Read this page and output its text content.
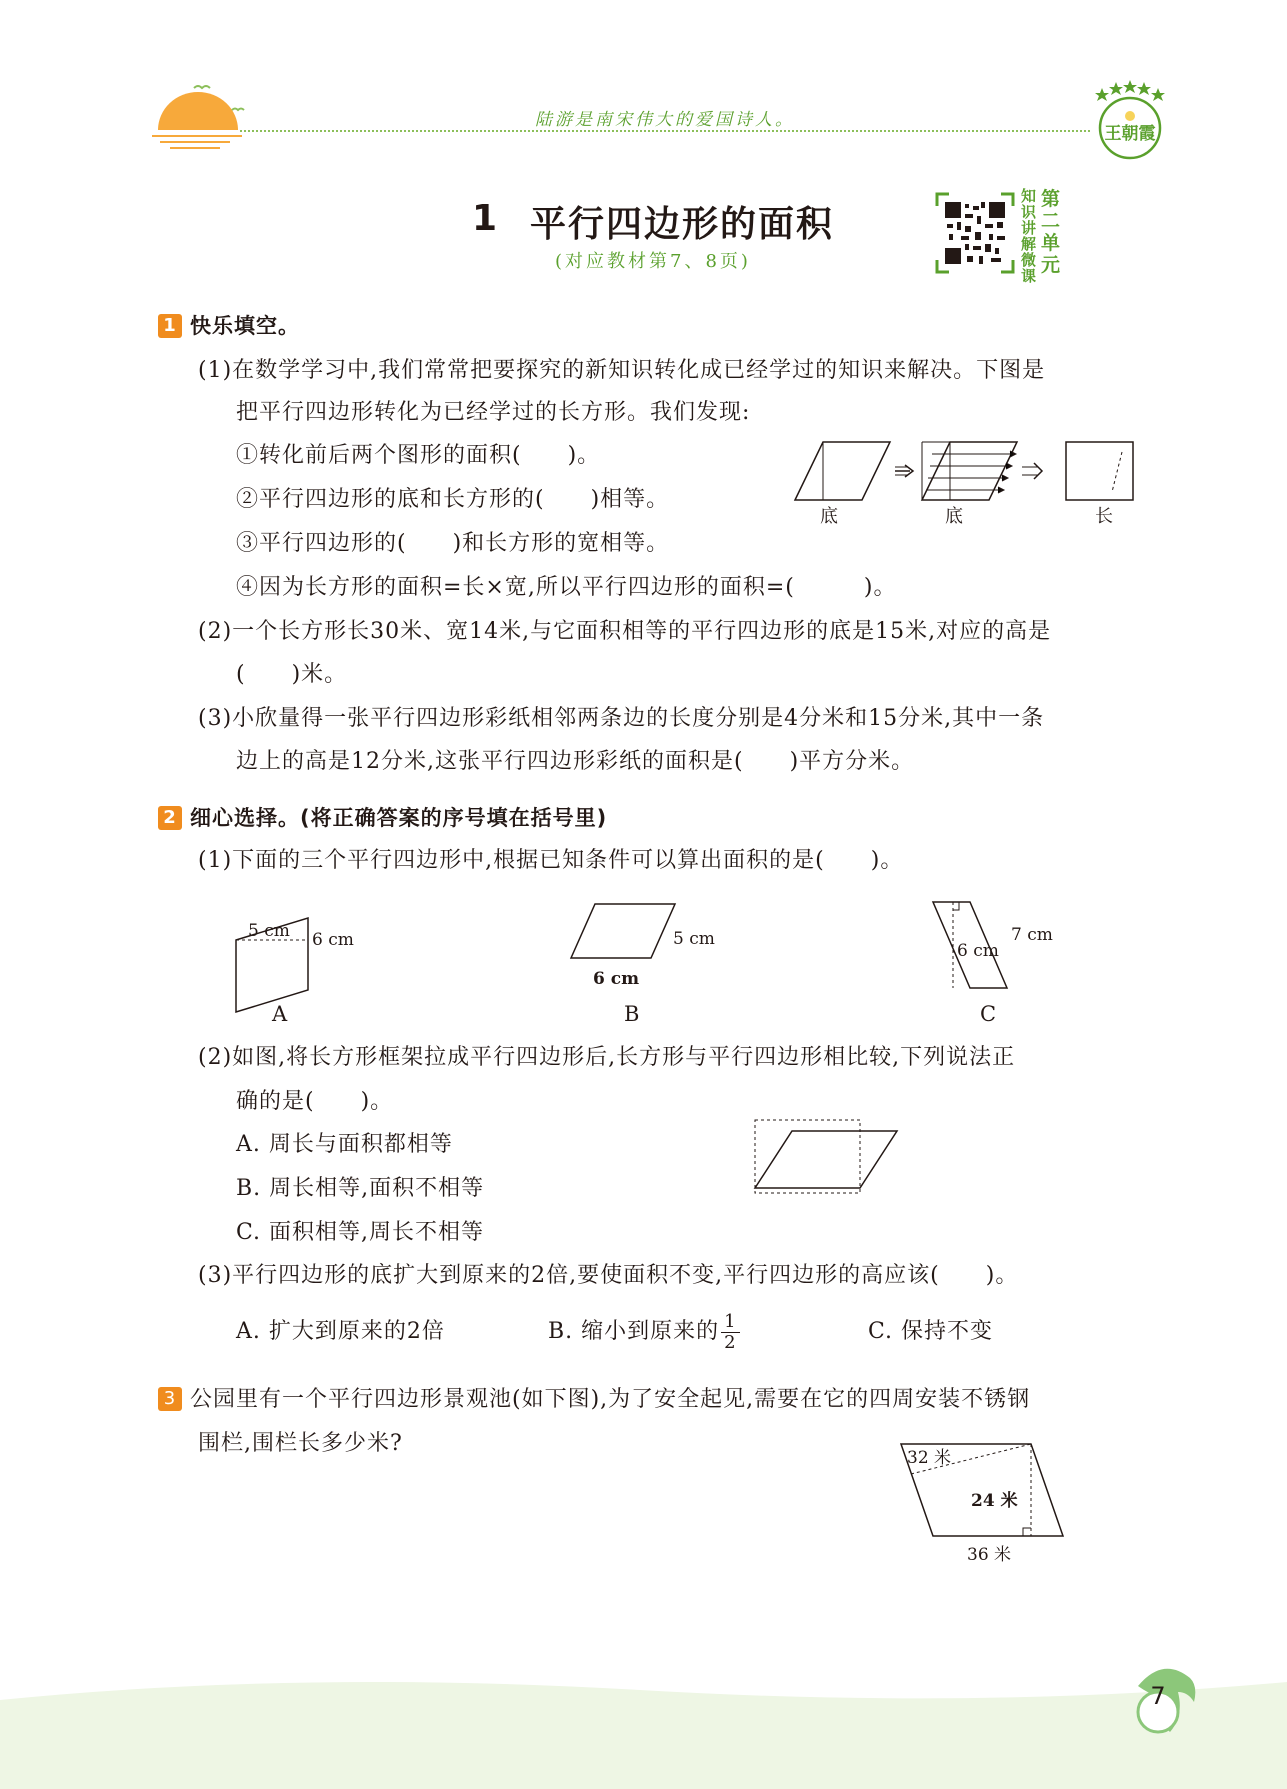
陆游是南宋伟大的爱国诗人。
王朝霞
1 平行四边形的面积
(对应教材第7、8页)
知识讲解微课
第二单元
1 快乐填空。
(1)在数学学习中,我们常常把要探究的新知识转化成已经学过的知识来解决。下图是
把平行四边形转化为已经学过的长方形。我们发现:
①转化前后两个图形的面积(　　)。
②平行四边形的底和长方形的(　　)相等。
③平行四边形的(　　)和长方形的宽相等。
④因为长方形的面积=长×宽,所以平行四边形的面积=(　　　)。
底	底	长
(2)一个长方形长30米、宽14米,与它面积相等的平行四边形的底是15米,对应的高是
(　　)米。
(3)小欣量得一张平行四边形彩纸相邻两条边的长度分别是4分米和15分米,其中一条
边上的高是12分米,这张平行四边形彩纸的面积是(　　)平方分米。
2 细心选择。(将正确答案的序号填在括号里)
(1)下面的三个平行四边形中,根据已知条件可以算出面积的是(　　)。
5 cm 6 cm
A
5 cm
6 cm
B
6 cm
7 cm
C
(2)如图,将长方形框架拉成平行四边形后,长方形与平行四边形相比较,下列说法正
确的是(　　)。
A. 周长与面积都相等
B. 周长相等,面积不相等
C. 面积相等,周长不相等
(3)平行四边形的底扩大到原来的2倍,要使面积不变,平行四边形的高应该(　　)。
A. 扩大到原来的2倍	B. 缩小到原来的 $\frac{1}{2}$	C. 保持不变
3 公园里有一个平行四边形景观池(如下图),为了安全起见,需要在它的四周安装不锈钢
围栏,围栏长多少米?
32 米
24 米
36 米
7
